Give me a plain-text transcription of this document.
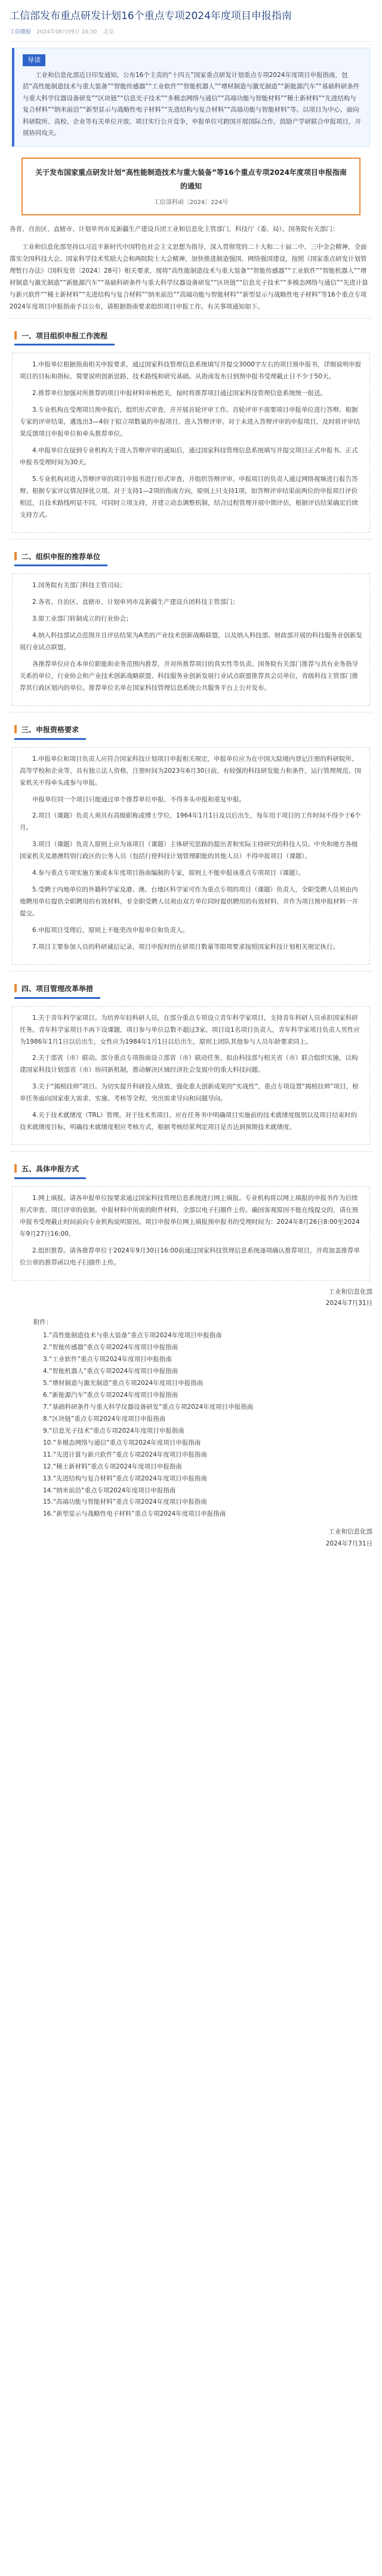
工信部发布重点研发计划16个重点专项2024年度项目申报指南
工信微报 2024年08月09日 16:30 北京
导读

工业和信息化部近日印发通知，公布16个主责的“十四五”国家重点研发计划重点专项2024年度项目申报指南，包括“高性能制造技术与重大装备”“智能传感器”“工业软件”“智能机器人”“增材制造与激光制造”“新能源汽车”“基础科研条件与重大科学仪器设备研发”“区块链”“信息光子技术”“多模态网络与通信”“高端功能与智能材料”“稀土新材料”“先进结构与复合材料”“纳米前沿”“新型显示与战略性电子材料”“先进结构与复合材料”“高端功能与智能材料”等。以项目为中心，面向科研院所、高校、企业等有关单位开放。项目实行公开竞争，申报单位可跨国开展国际合作，鼓励产学研联合申报项目，开展协同攻关。

关于发布国家重点研发计划“高性能制造技术与重大装备”等16个重点专项2024年度项目申报指南的通知
工信部科函〔2024〕224号
各省、自治区、直辖市、计划单列市及新疆生产建设兵团工业和信息化主管部门，科技厅（委、局），国务院有关部门：

工业和信息化部坚持以习近平新时代中国特色社会主义思想为指导，深入贯彻党的二十大和二十届二中、三中全会精神，全面落实全国科技大会、国家科学技术奖励大会和两院院士大会精神，加快推进制造强国、网络强国建设，按照《国家重点研发计划管理暂行办法》（国科发资〔2024〕28号）相关要求，现将“高性能制造技术与重大装备”“智能传感器”“工业软件”“智能机器人”“增材制造与激光制造”“新能源汽车”“基础科研条件与重大科学仪器设备研发”“区块链”“信息光子技术”“多模态网络与通信”“先进计算与新兴软件”“稀土新材料”“先进结构与复合材料”“纳米前沿”“高端功能与智能材料”“新型显示与战略性电子材料”等16个重点专项2024年度项目申报指南予以公布，请根据指南要求组织项目申报工作。有关事项通知如下。

一、项目组织申报工作流程

1.申报单位根据指南相关申报要求，通过国家科技管理信息系统填写并提交3000字左右的项目预申报书，详细说明申报项目的目标和指标，简要说明创新思路、技术路线和研究基础。从指南发布日到预申报书受理截止日不少于50天。

2.推荐单位加强对所推荐的项目申报材料审核把关，按时将推荐项目通过国家科技管理信息系统统一报送。

3.专业机构在受理项目预申报后，组织形式审查，并开展首轮评审工作。首轮评审不需要项目申报单位进行答辩。根据专家的评审结果，遴选出3—4倍于拟立项数量的申报项目，进入答辩评审。对于未进入答辩评审的申报项目，及时将评审结果反馈项目申报单位和牵头推荐单位。

4.申报单位在接到专业机构关于进入答辩评审的通知后，通过国家科技管理信息系统填写并提交项目正式申报书。正式申报书受理时间为30天。

5.专业机构对进入答辩评审的项目申报书进行形式审查，并组织答辩评审。申报项目的负责人通过网络视频进行报告答辩。根据专家评议情况择优立项。对于支持1—2项的指南方向，原则上只支持1项，如答辩评审结果前两位的申报项目评价相近，且技术路线明显不同，可同时立项支持，并建立动态调整机制，结合过程管理开展中期评估，根据评估结果确定后续支持方式。

二、组织申报的推荐单位

1.国务院有关部门科技主管司局；

2.各省、自治区、直辖市、计划单列市及新疆生产建设兵团科技主管部门；

3.原工业部门转制成立的行业协会；

4.纳入科技部试点范围并且评估结果为A类的产业技术创新战略联盟，以及纳入科技部、财政部开展的科技服务业创新发展行业试点联盟。

各推荐单位应在本单位职能和业务范围内推荐，并对所推荐项目的真实性等负责。国务院有关部门推荐与其有业务指导关系的单位，行业协会和产业技术创新战略联盟、科技服务业创新发展行业试点联盟推荐其会员单位，省级科技主管部门推荐其行政区划内的单位。推荐单位名单在国家科技管理信息系统公共服务平台上公开发布。

三、申报资格要求

1.申报单位和项目负责人应符合国家科技计划项目申报相关规定，申报单位应为在中国大陆境内登记注册的科研院所、高等学校和企业等，具有独立法人资格，注册时间为2023年6月30日前，有较强的科技研发能力和条件，运行管理规范。国家机关不得牵头或参与申报。

申报单位同一个项目只能通过单个推荐单位申报，不得多头申报和重复申报。

2.项目（课题）负责人须具有高级职称或博士学位，1964年1月1日及以后出生，每年用于项目的工作时间不得少于6个月。

3.项目（课题）负责人原则上应为该项目（课题）主体研究思路的提出者和实际主持研究的科技人员。中央和地方各级国家机关及港澳特别行政区的公务人员（包括行使科技计划管理职能的其他人员）不得申报项目（课题）。

4.参与重点专项实施方案或本年度项目指南编制的专家，原则上不能申报该重点专项项目（课题）。

5.受聘于内地单位的外籍科学家及港、澳、台地区科学家可作为重点专项的项目（课题）负责人，全职受聘人员须由内地聘用单位提供全职聘用的有效材料，非全职受聘人员须由双方单位同时提供聘用的有效材料，并作为项目预申报材料一并提交。

6.申报项目受理后，原则上不能更改申报单位和负责人。

7.项目主要参加人员的科研诚信记录、项目申报时的在研项目数量等限项要求按照国家科技计划相关规定执行。

四、项目管理改革举措

1.关于青年科学家项目。为培养年轻科研人员，在部分重点专项设立青年科学家项目，支持青年科研人员承担国家科研任务。青年科学家项目不再下设课题，项目参与单位总数不超过3家。项目设1名项目负责人，青年科学家项目负责人男性应为1986年1月1日以后出生，女性应为1984年1月1日以后出生，原则上团队其他参与人员年龄要求同上。

2.关于部省（市）联动。部分重点专项指南设立部省（市）联动任务，拟由科技部与相关省（市）联合组织实施，以构建国家科技计划部省（市）协同新机制，推动解决区域经济社会发展中的重大科技问题。

3.关于“揭榜挂帅”项目。为切实提升科研投入绩效、强化重大创新成果的“实战性”，重点专项设置“揭榜挂帅”项目，榜单任务面向国家重大需求、实施、考核等全程，突出需求导向和问题导向。

4.关于技术就绪度（TRL）管理。对于技术类项目，应在任务书中明确项目实施前的技术就绪度级别以及项目结束时的技术就绪度目标，明确技术就绪度相应考核方式，根据考核结果判定项目是否达到预期技术就绪度。

五、具体申报方式

1.网上填报。请各申报单位按要求通过国家科技管理信息系统进行网上填报。专业机构将以网上填报的申报书作为后续形式审查、项目评审的依据。申报材料中所需的附件材料，全部以电子扫描件上传。确因客观原因不能在线提交的，请在预申报书受理截止时间前向专业机构说明原因。项目申报单位网上填报预申报书的受理时间为：2024年8月26日8:00至2024年9月27日16:00。

2.组织推荐。请各推荐单位于2024年9月30日16:00前通过国家科技管理信息系统逐项确认推荐项目，并将加盖推荐单位公章的推荐函以电子扫描件上传。

工业和信息化部
2024年7月31日
附件：
1.“高性能制造技术与重大装备”重点专项2024年度项目申报指南
2.“智能传感器”重点专项2024年度项目申报指南
3.“工业软件”重点专项2024年度项目申报指南
4.“智能机器人”重点专项2024年度项目申报指南
5.“增材制造与激光制造”重点专项2024年度项目申报指南
6.“新能源汽车”重点专项2024年度项目申报指南
7.“基础科研条件与重大科学仪器设备研发”重点专项2024年度项目申报指南
8.“区块链”重点专项2024年度项目申报指南
9.“信息光子技术”重点专项2024年度项目申报指南
10.“多模态网络与通信”重点专项2024年度项目申报指南
11.“先进计算与新兴软件”重点专项2024年度项目申报指南
12.“稀土新材料”重点专项2024年度项目申报指南
13.“先进结构与复合材料”重点专项2024年度项目申报指南
14.“纳米前沿”重点专项2024年度项目申报指南
15.“高端功能与智能材料”重点专项2024年度项目申报指南
16.“新型显示与战略性电子材料”重点专项2024年度项目申报指南
工业和信息化部
2024年7月31日
